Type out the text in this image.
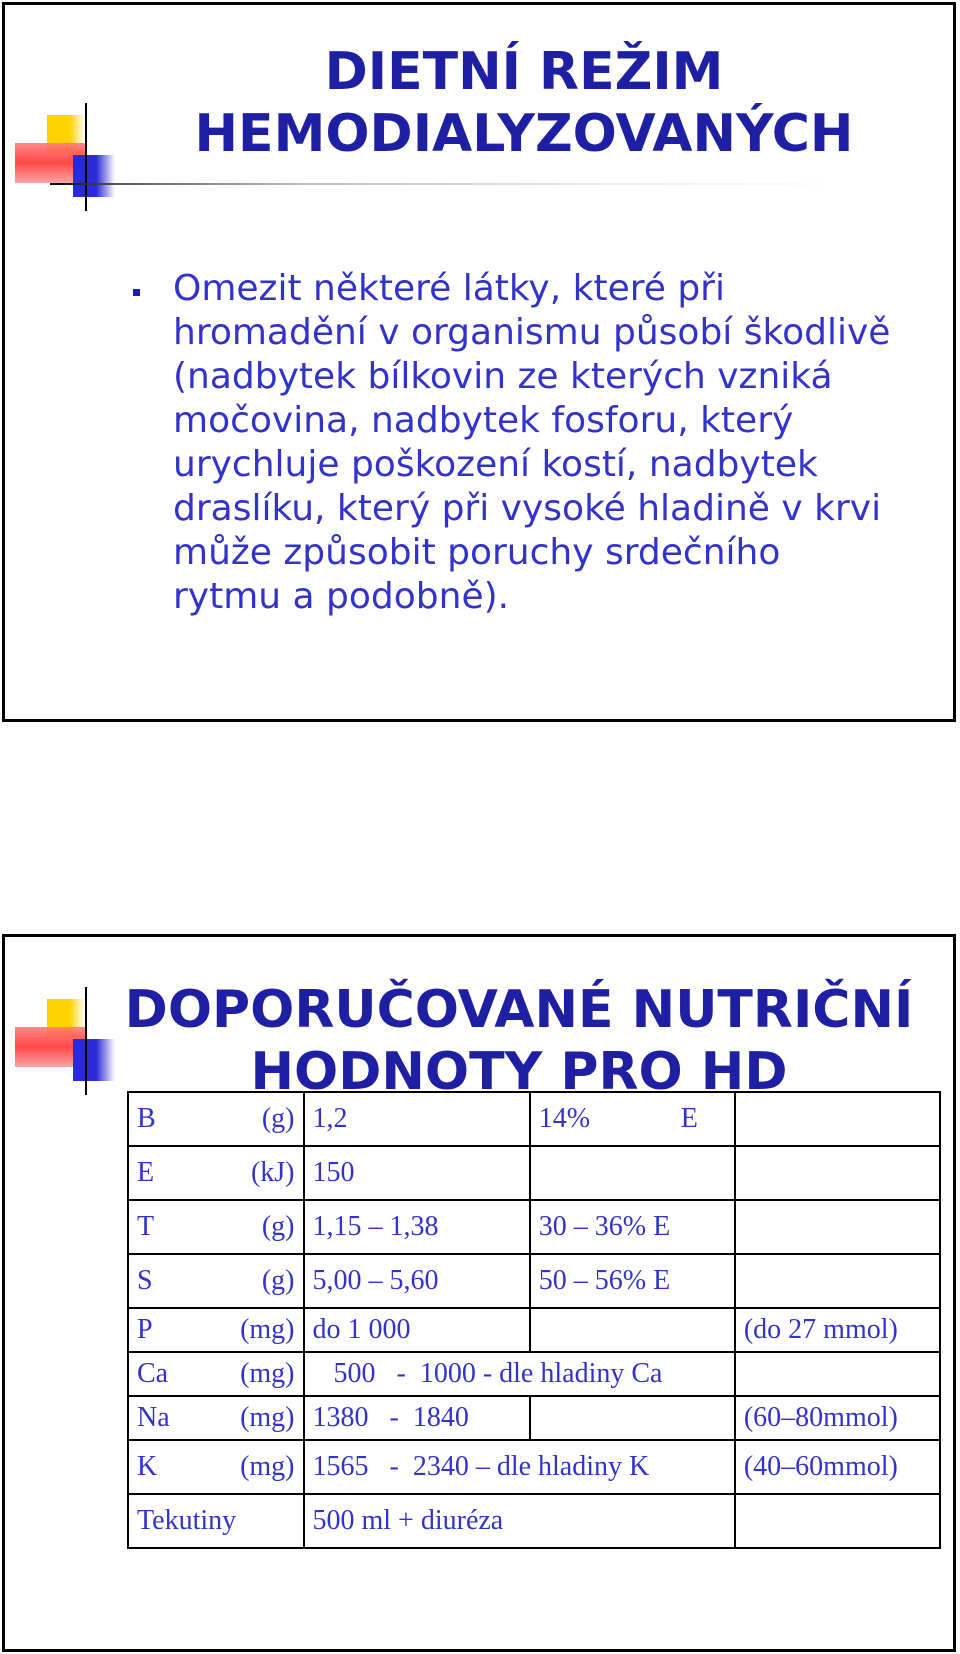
DIETNÍ REŽIM
HEMODIALYZOVANÝCH

Omezit některé látky, které při hromadění v organismu působí škodlivě (nadbytek bílkovin ze kterých vzniká močovina, nadbytek fosforu, který urychluje poškození kostí, nadbytek draslíku, který při vysoké hladině v krvi může způsobit poruchy srdečního rytmu a podobně).

DOPORUČOVANÉ NUTRIČNÍ
HODNOTY PRO HD
B (g)	1,2	14% E	

E (kJ)	150		

T (g)	1,15 – 1,38	30 – 36% E	

S (g)	5,00 – 5,60	50 – 56% E	

P (mg)	do 1 000		(do 27 mmol)

Ca (mg)	500   -  1000 - dle hladiny Ca		

Na (mg)	1380   -  1840		(60–80mmol)

K (mg)	1565   -  2340 – dle hladiny K		(40–60mmol)

Tekutiny	500 ml + diuréza		
